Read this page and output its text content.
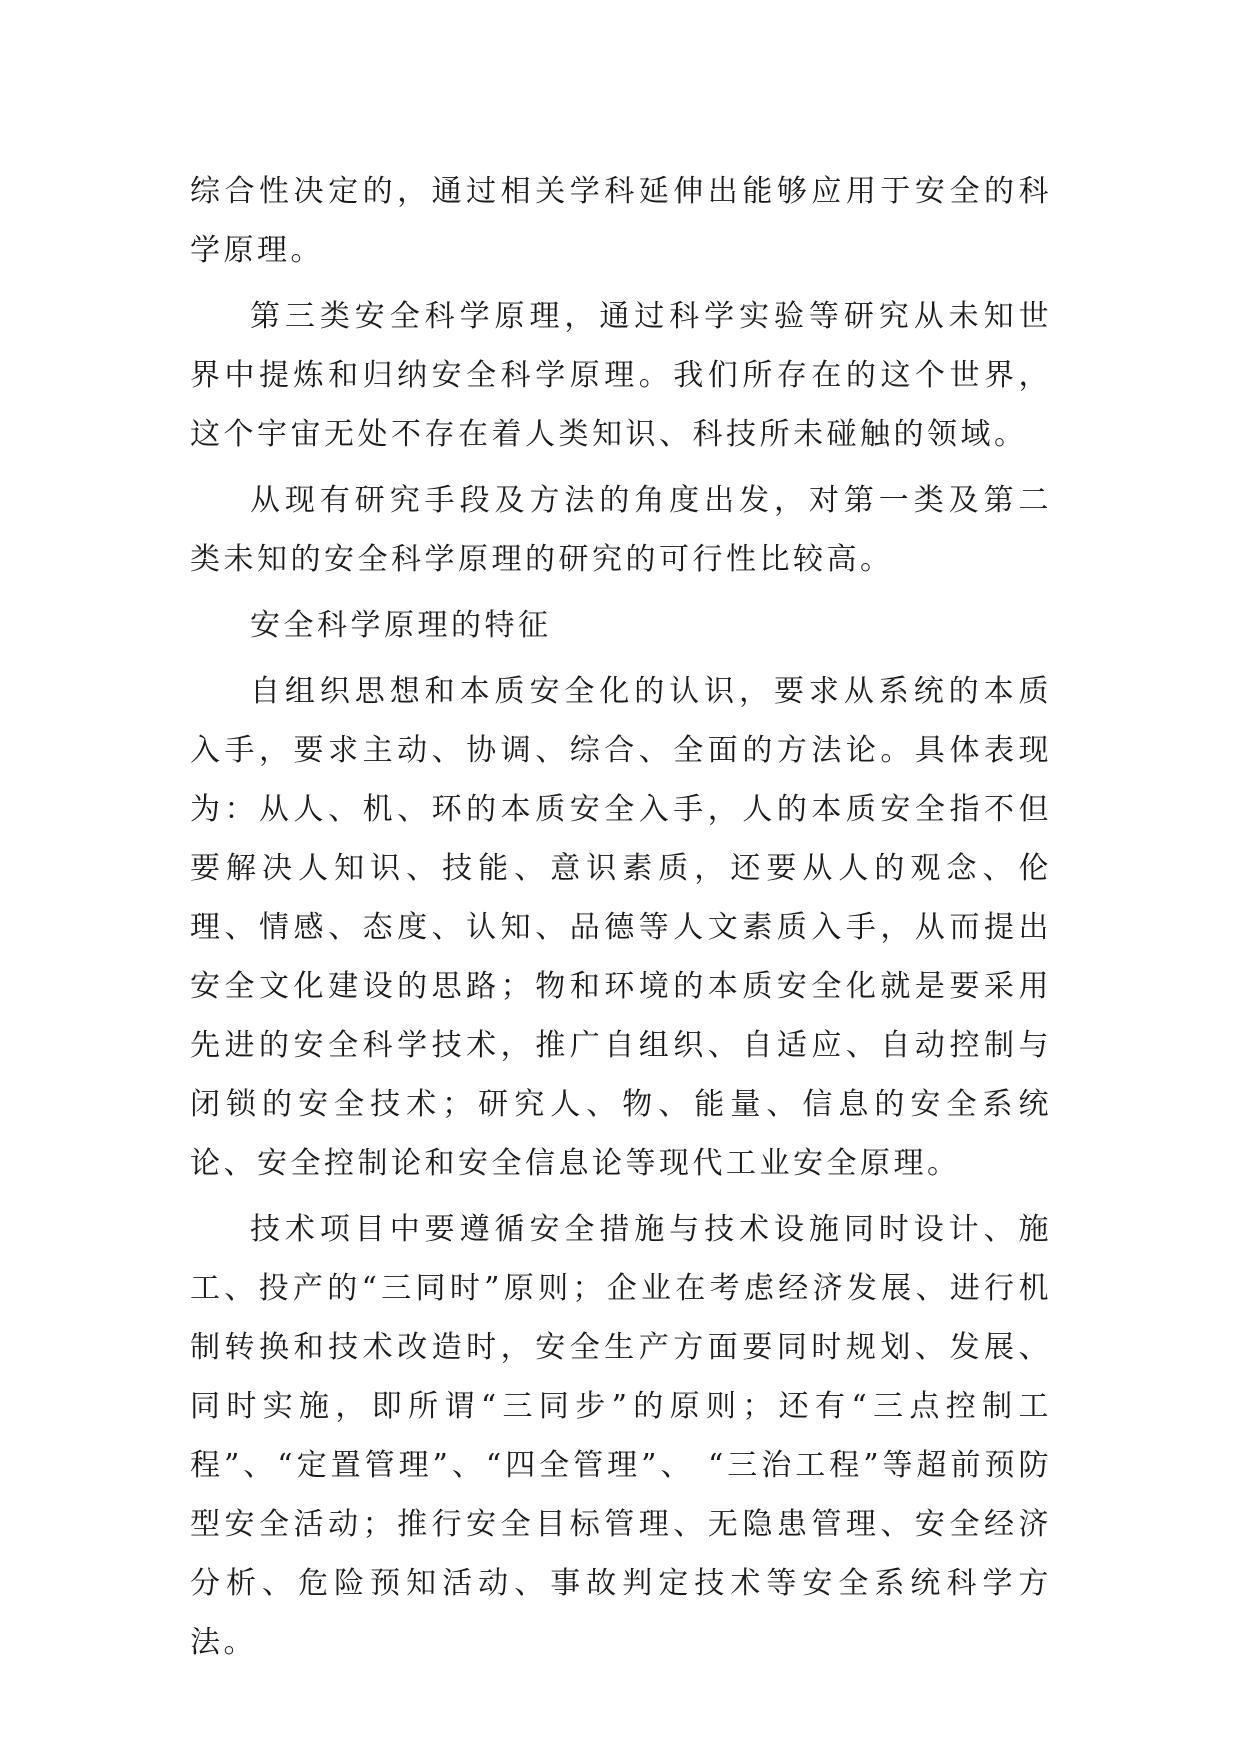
综合性决定的，通过相关学科延伸出能够应用于安全的科学原理。

第三类安全科学原理，通过科学实验等研究从未知世界中提炼和归纳安全科学原理。我们所存在的这个世界，这个宇宙无处不存在着人类知识、科技所未碰触的领域。

从现有研究手段及方法的角度出发，对第一类及第二类未知的安全科学原理的研究的可行性比较高。

安全科学原理的特征

自组织思想和本质安全化的认识，要求从系统的本质入手，要求主动、协调、综合、全面的方法论。具体表现为：从人、机、环的本质安全入手，人的本质安全指不但要解决人知识、技能、意识素质，还要从人的观念、伦理、情感、态度、认知、品德等人文素质入手，从而提出安全文化建设的思路；物和环境的本质安全化就是要采用先进的安全科学技术，推广自组织、自适应、自动控制与闭锁的安全技术；研究人、物、能量、信息的安全系统论、安全控制论和安全信息论等现代工业安全原理。

技术项目中要遵循安全措施与技术设施同时设计、施工、投产的“三同时”原则；企业在考虑经济发展、进行机制转换和技术改造时，安全生产方面要同时规划、发展、同时实施，即所谓“三同步”的原则；还有“三点控制工程”、“定置管理”、“四全管理”、 “三治工程”等超前预防型安全活动；推行安全目标管理、无隐患管理、安全经济分析、危险预知活动、事故判定技术等安全系统科学方法。
